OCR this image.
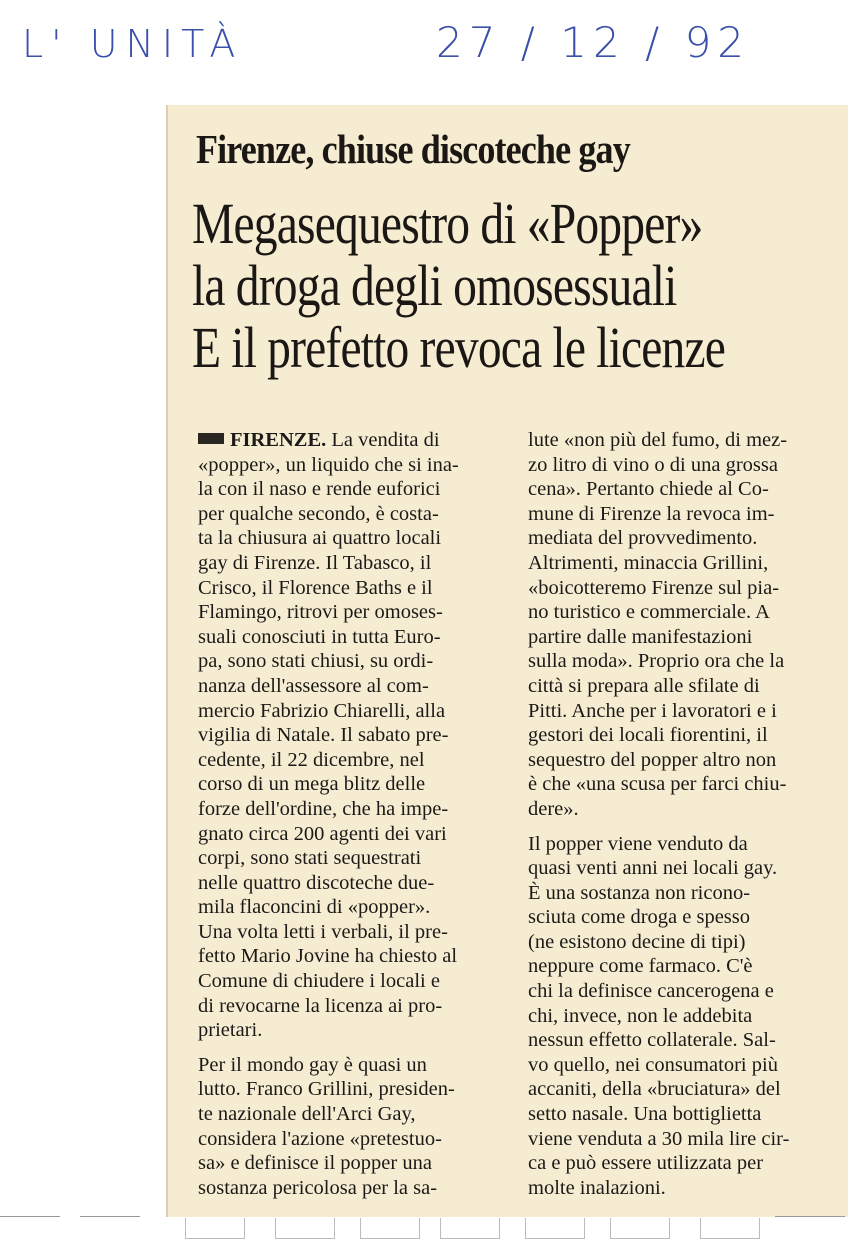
L' UNITÀ	27 / 12 / 92

Firenze, chiuse discoteche gay
Megasequestro di «Popper»
la droga degli omosessuali
E il prefetto revoca le licenze
FIRENZE. La vendita di
«popper», un liquido che si ina-
la con il naso e rende euforici
per qualche secondo, è costa-
ta la chiusura ai quattro locali
gay di Firenze. Il Tabasco, il
Crisco, il Florence Baths e il
Flamingo, ritrovi per omoses-
suali conosciuti in tutta Euro-
pa, sono stati chiusi, su ordi-
nanza dell'assessore al com-
mercio Fabrizio Chiarelli, alla
vigilia di Natale. Il sabato pre-
cedente, il 22 dicembre, nel
corso di un mega blitz delle
forze dell'ordine, che ha impe-
gnato circa 200 agenti dei vari
corpi, sono stati sequestrati
nelle quattro discoteche due-
mila flaconcini di «popper».
Una volta letti i verbali, il pre-
fetto Mario Jovine ha chiesto al
Comune di chiudere i locali e
di revocarne la licenza ai pro-
prietari.
Per il mondo gay è quasi un
lutto. Franco Grillini, presiden-
te nazionale dell'Arci Gay,
considera l'azione «pretestuo-
sa» e definisce il popper una
sostanza pericolosa per la sa-
lute «non più del fumo, di mez-
zo litro di vino o di una grossa
cena». Pertanto chiede al Co-
mune di Firenze la revoca im-
mediata del provvedimento.
Altrimenti, minaccia Grillini,
«boicotteremo Firenze sul pia-
no turistico e commerciale. A
partire dalle manifestazioni
sulla moda». Proprio ora che la
città si prepara alle sfilate di
Pitti. Anche per i lavoratori e i
gestori dei locali fiorentini, il
sequestro del popper altro non
è che «una scusa per farci chiu-
dere».
Il popper viene venduto da
quasi venti anni nei locali gay.
È una sostanza non ricono-
sciuta come droga e spesso
(ne esistono decine di tipi)
neppure come farmaco. C'è
chi la definisce cancerogena e
chi, invece, non le addebita
nessun effetto collaterale. Sal-
vo quello, nei consumatori più
accaniti, della «bruciatura» del
setto nasale. Una bottiglietta
viene venduta a 30 mila lire cir-
ca e può essere utilizzata per
molte inalazioni.
